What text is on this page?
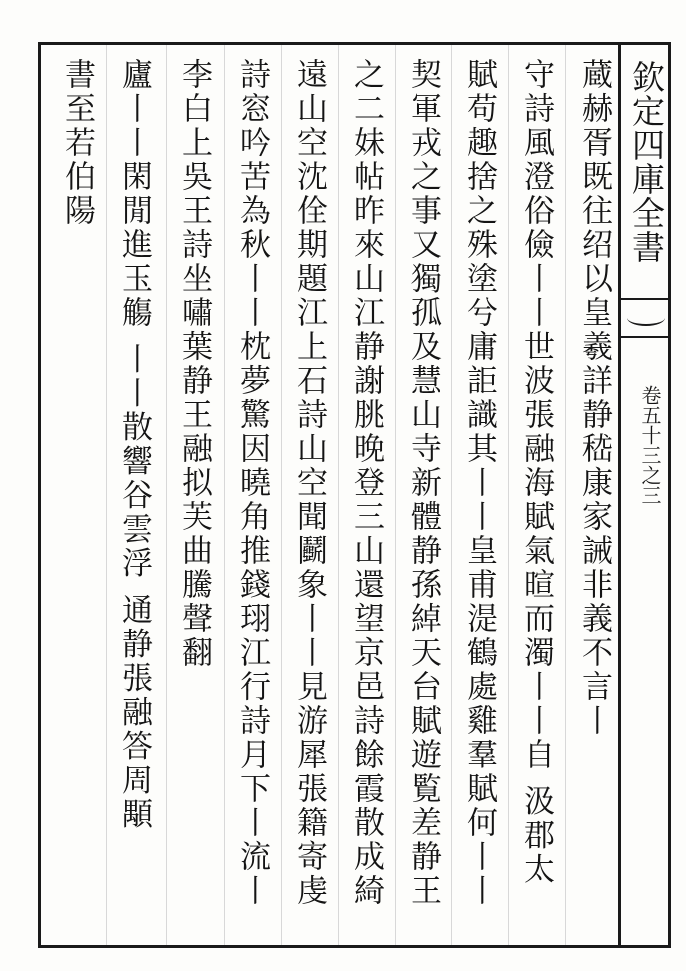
欽定四庫全書
卷五十三之三
蔵赫胥既往绍以皇羲詳静嵇康家誡非義不言丨

守詩風澄俗儉丨丨世波張融海賦氣暄而濁丨丨自 汲郡太

賦苟趣捨之殊塗兮庸詎識其丨丨皇甫湜鶴處雞羣賦何丨丨

契軍戎之事又獨孤及慧山寺新體静孫綽天台賦遊覧差静王

之二妹帖昨來山江静謝朓晚登三山還望京邑詩餘霞散成綺

遠山空沈佺期題江上石詩山空聞鬬象丨丨見游犀張籍寄虔

詩窓吟苦為秋丨丨枕夢驚因曉角推錢珝江行詩月下丨流丨

李白上吳王詩坐嘯葉静王融拟芙曲騰聲翻
廬丨丨閑閒進玉觴 丨丨散響谷雲浮 通静張融答周顒
書至若伯陽
